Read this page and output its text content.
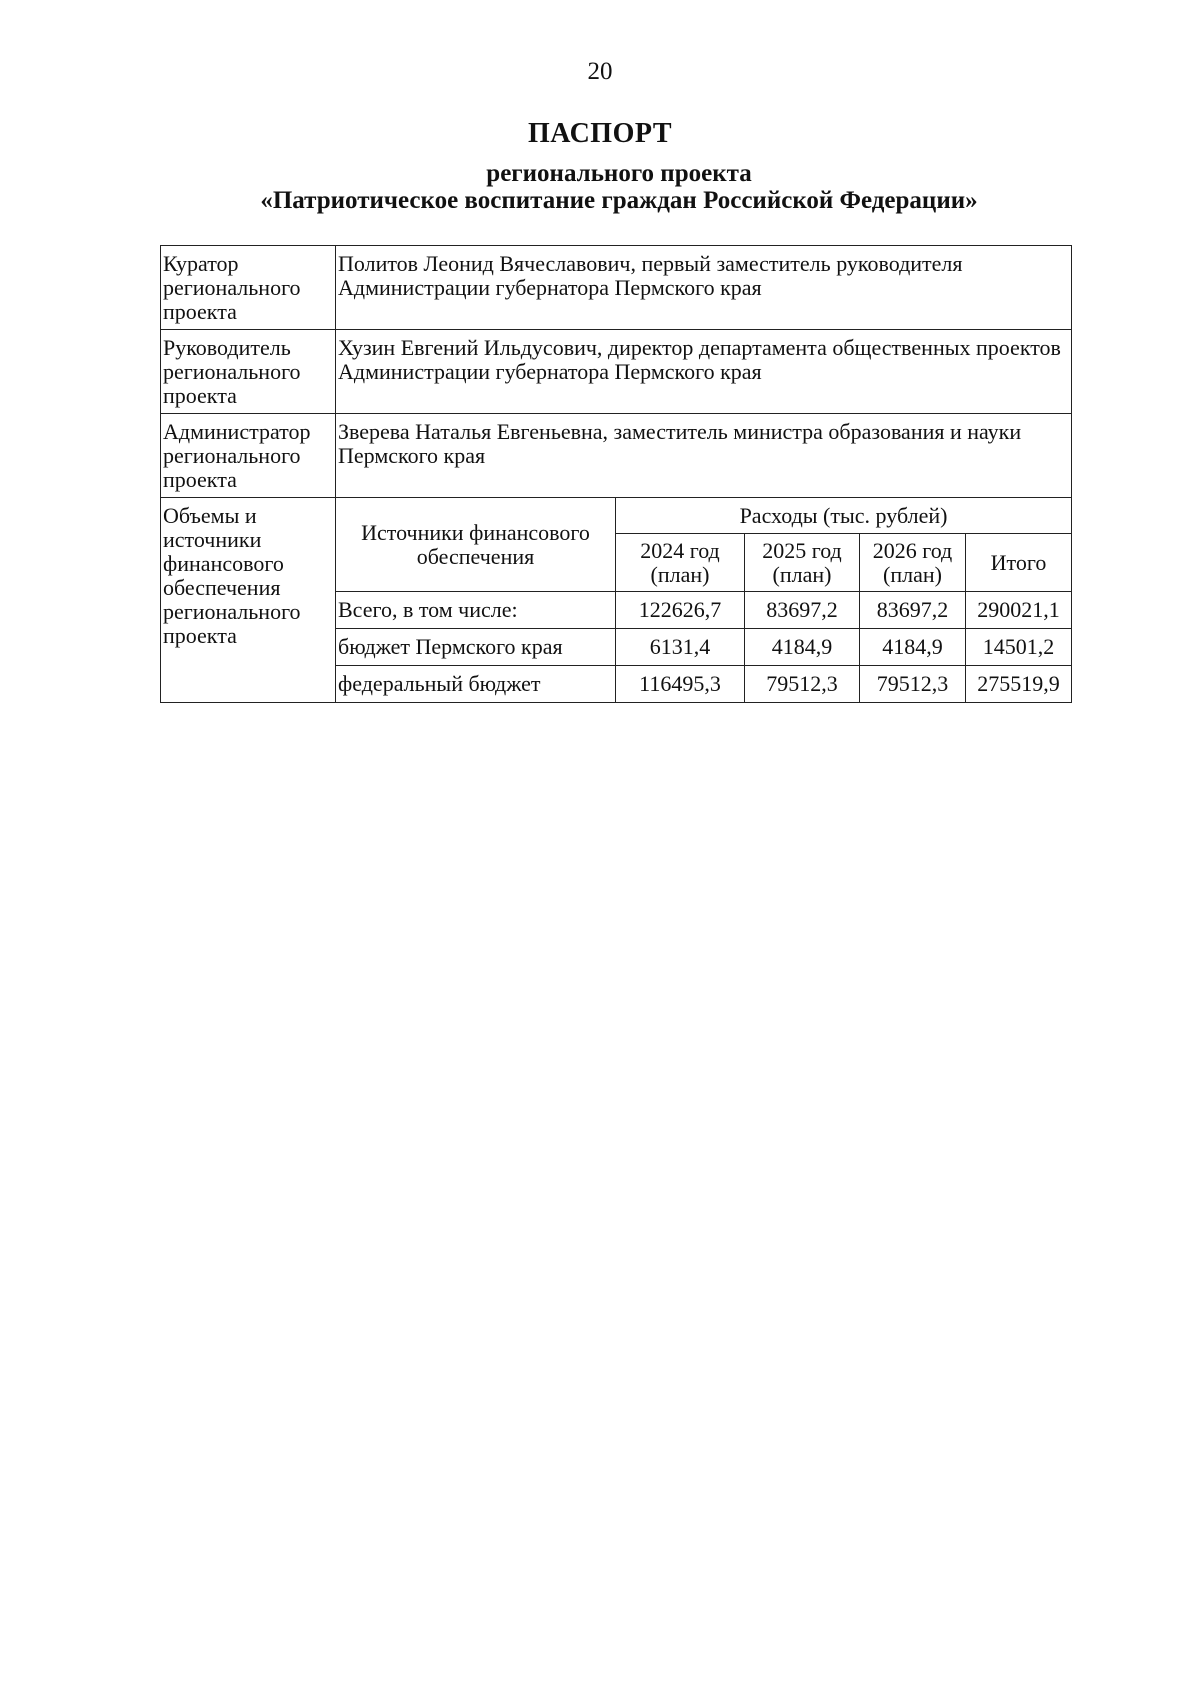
20
ПАСПОРТ
регионального проекта
«Патриотическое воспитание граждан Российской Федерации»
Куратор регионального проекта	Политов Леонид Вячеславович, первый заместитель руководителя Администрации губернатора Пермского края				
Руководитель регионального проекта	Хузин Евгений Ильдусович, директор департамента общественных проектов Администрации губернатора Пермского края				
Администратор регионального проекта	Зверева Наталья Евгеньевна, заместитель министра образования и науки Пермского края				
Объемы и источники финансового обеспечения регионального проекта	Источники финансового обеспечения	Расходы (тыс. рублей)			
		2024 год (план)	2025 год (план)	2026 год (план)	Итого
	Всего, в том числе:	122626,7	83697,2	83697,2	290021,1
	бюджет Пермского края	6131,4	4184,9	4184,9	14501,2
	федеральный бюджет	116495,3	79512,3	79512,3	275519,9
